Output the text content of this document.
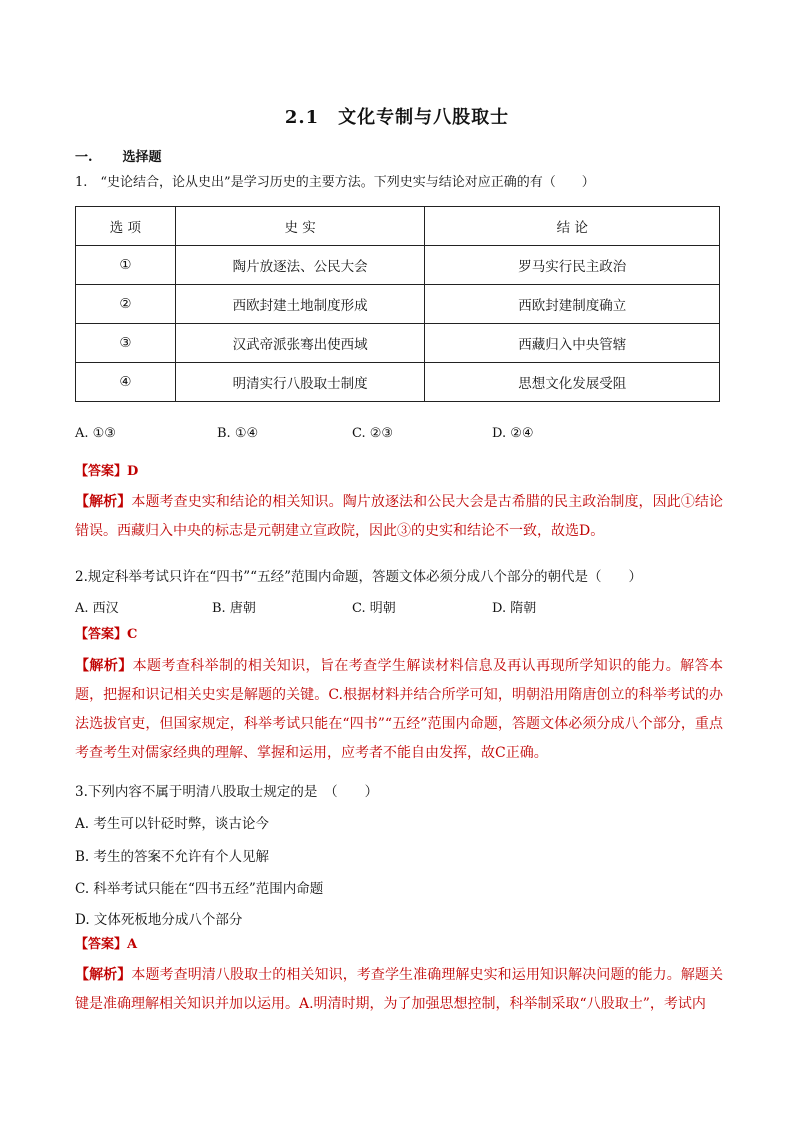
2.1　文化专制与八股取士
一. 选择题
1.　“史论结合，论从史出”是学习历史的主要方法。下列史实与结论对应正确的有（　　）
选 项	史 实	结 论
①	陶片放逐法、公民大会	罗马实行民主政治
②	西欧封建土地制度形成	西欧封建制度确立
③	汉武帝派张骞出使西域	西藏归入中央管辖
④	明清实行八股取士制度	思想文化发展受阻
A. ①③	B. ①④	C. ②③	D. ②④
【答案】D
【解析】本题考查史实和结论的相关知识。陶片放逐法和公民大会是古希腊的民主政治制度，因此①结论错误。西藏归入中央的标志是元朝建立宣政院，因此③的史实和结论不一致，故选D。
2.规定科举考试只许在“四书”“五经”范围内命题，答题文体必须分成八个部分的朝代是（　　）
A. 西汉	B. 唐朝	C. 明朝	D. 隋朝
【答案】C
【解析】本题考查科举制的相关知识，旨在考查学生解读材料信息及再认再现所学知识的能力。解答本题，把握和识记相关史实是解题的关键。C.根据材料并结合所学可知，明朝沿用隋唐创立的科举考试的办法选拔官吏，但国家规定，科举考试只能在“四书”“五经”范围内命题，答题文体必须分成八个部分，重点考查考生对儒家经典的理解、掌握和运用，应考者不能自由发挥，故C正确。
3.下列内容不属于明清八股取士规定的是　（　　）
A. 考生可以针砭时弊，谈古论今
B. 考生的答案不允许有个人见解
C. 科举考试只能在“四书五经”范围内命题
D. 文体死板地分成八个部分
【答案】A
【解析】本题考查明清八股取士的相关知识，考查学生准确理解史实和运用知识解决问题的能力。解题关键是准确理解相关知识并加以运用。A.明清时期，为了加强思想控制，科举制采取“八股取士”，考试内
